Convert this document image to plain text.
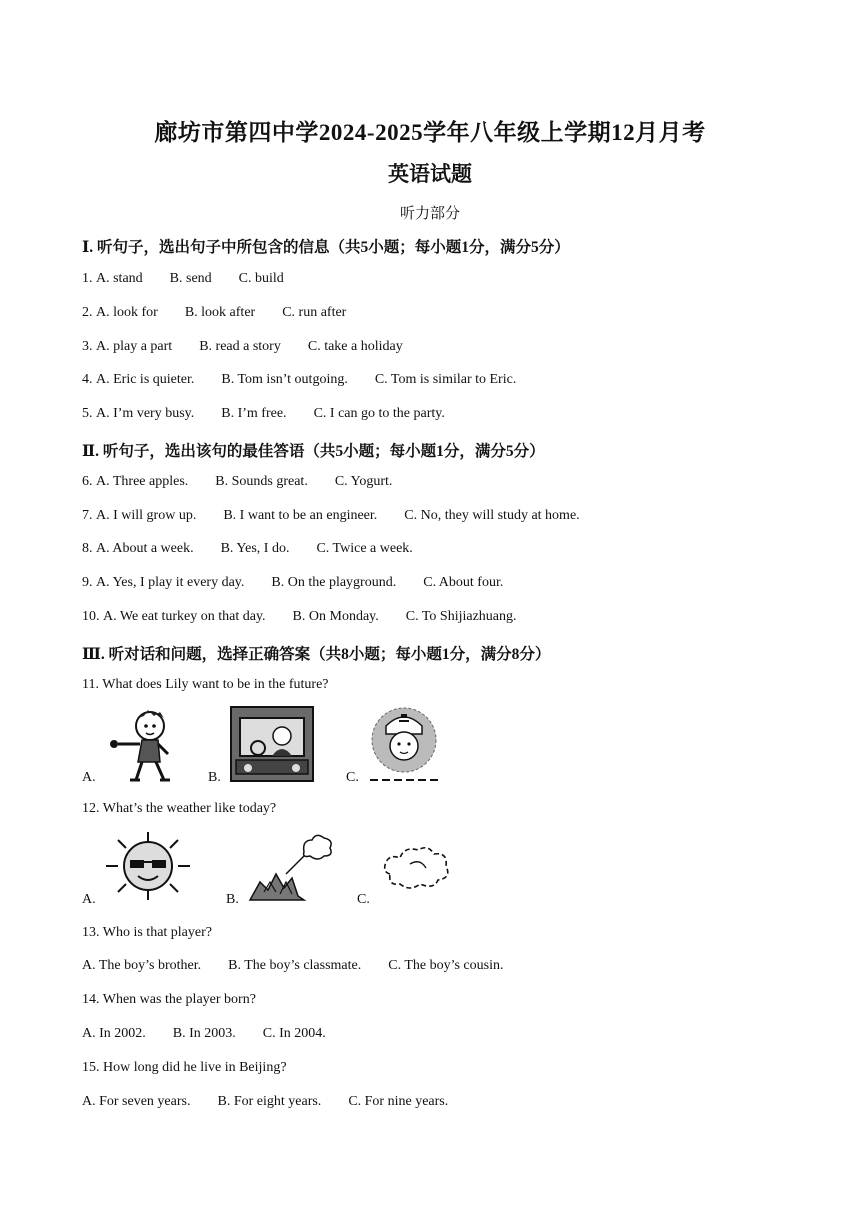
廊坊市第四中学2024-2025学年八年级上学期12月月考
英语试题
听力部分
Ⅰ. 听句子，选出句子中所包含的信息（共5小题；每小题1分，满分5分）
1. A. stand B. send C. build
2. A. look for B. look after C. run after
3. A. play a part B. read a story C. take a holiday
4. A. Eric is quieter. B. Tom isn’t outgoing. C. Tom is similar to Eric.
5. A. I’m very busy. B. I’m free. C. I can go to the party.
Ⅱ. 听句子，选出该句的最佳答语（共5小题；每小题1分，满分5分）
6. A. Three apples. B. Sounds great. C. Yogurt.
7. A. I will grow up. B. I want to be an engineer. C. No, they will study at home.
8. A. About a week. B. Yes, I do. C. Twice a week.
9. A. Yes, I play it every day. B. On the playground. C. About four.
10. A. We eat turkey on that day. B. On Monday. C. To Shijiazhuang.
Ⅲ. 听对话和问题，选择正确答案（共8小题；每小题1分，满分8分）
11. What does Lily want to be in the future?
A.	B.	C.
12. What’s the weather like today?
A.	B.	C.
13. Who is that player?
A. The boy’s brother. B. The boy’s classmate. C. The boy’s cousin.
14. When was the player born?
A. In 2002. B. In 2003. C. In 2004.
15. How long did he live in Beijing?
A. For seven years. B. For eight years. C. For nine years.
